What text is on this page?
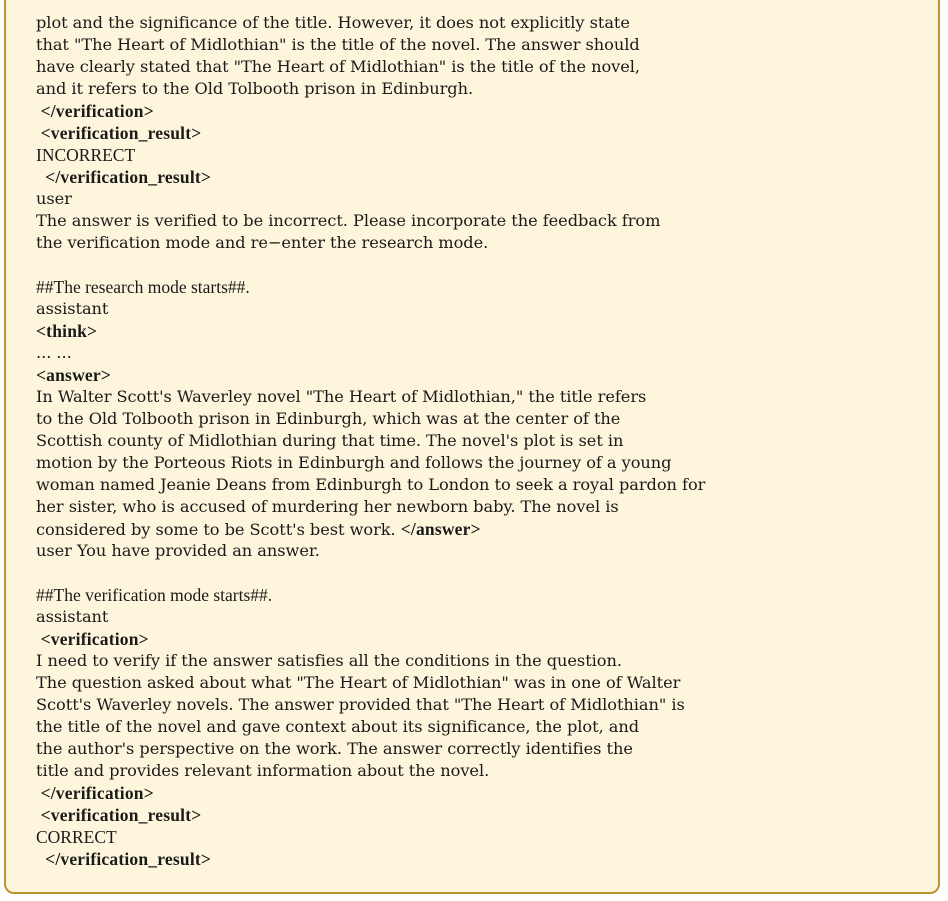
plot and the significance of the title. However, it does not explicitly state
that "The Heart of Midlothian" is the title of the novel. The answer should
have clearly stated that "The Heart of Midlothian" is the title of the novel,
and it refers to the Old Tolbooth prison in Edinburgh.
</verification>
<verification_result>
INCORRECT
</verification_result>
user
The answer is verified to be incorrect. Please incorporate the feedback from
the verification mode and re−enter the research mode.
##The research mode starts##.
assistant
<think>
... ...
<answer>
In Walter Scott's Waverley novel "The Heart of Midlothian," the title refers
to the Old Tolbooth prison in Edinburgh, which was at the center of the
Scottish county of Midlothian during that time. The novel's plot is set in
motion by the Porteous Riots in Edinburgh and follows the journey of a young
woman named Jeanie Deans from Edinburgh to London to seek a royal pardon for
her sister, who is accused of murdering her newborn baby. The novel is
considered by some to be Scott's best work. </answer>
user You have provided an answer.
##The verification mode starts##.
assistant
<verification>
I need to verify if the answer satisfies all the conditions in the question.
The question asked about what "The Heart of Midlothian" was in one of Walter
Scott's Waverley novels. The answer provided that "The Heart of Midlothian" is
the title of the novel and gave context about its significance, the plot, and
the author's perspective on the work. The answer correctly identifies the
title and provides relevant information about the novel.
</verification>
<verification_result>
CORRECT
</verification_result>
